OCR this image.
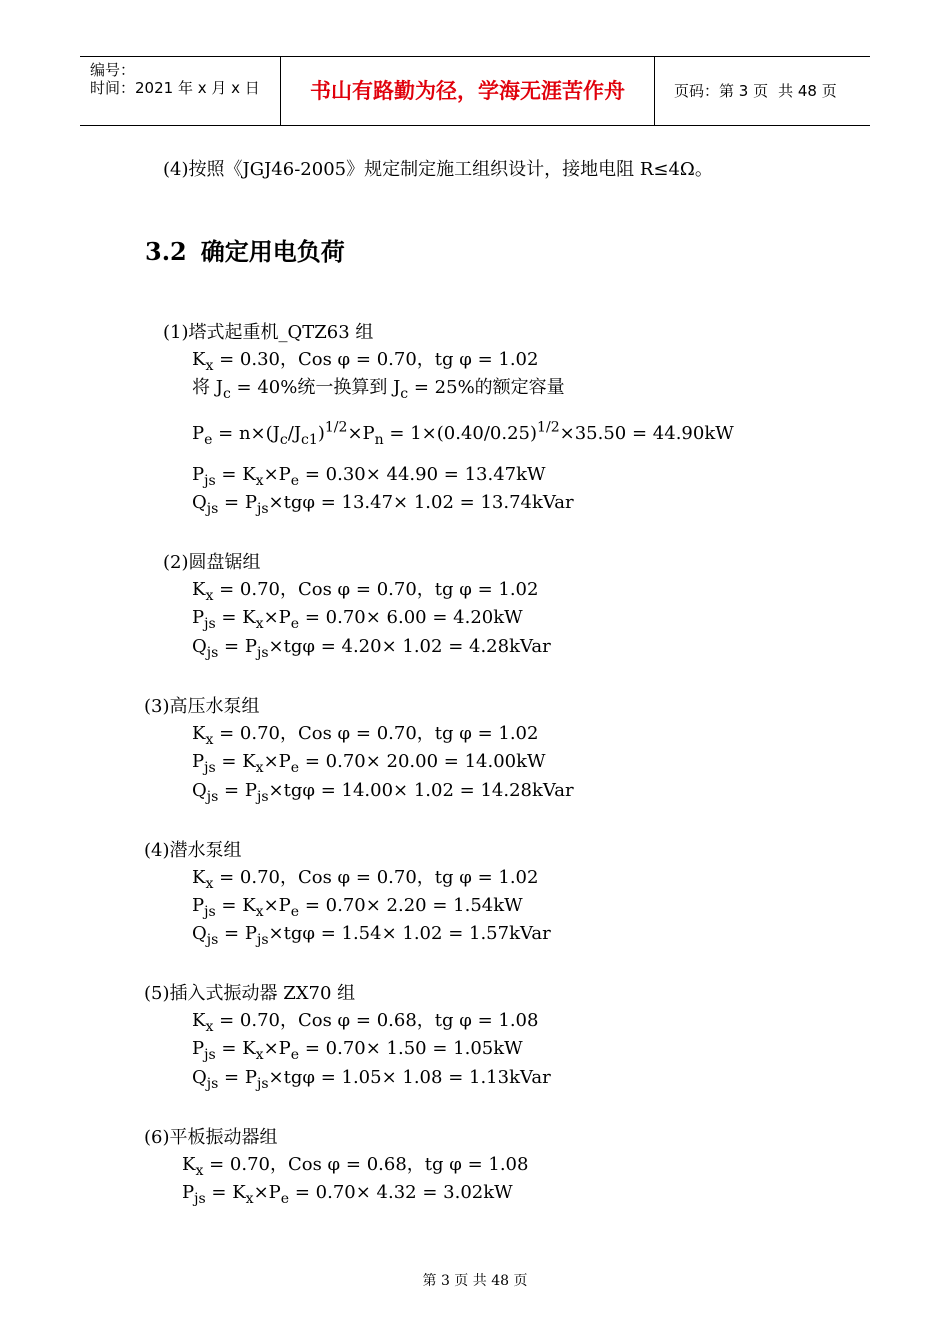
编号：
时间：2021 年 x 月 x 日	书山有路勤为径，学海无涯苦作舟	页码：第 3 页 共 48 页
(4)按照《JGJ46-2005》规定制定施工组织设计，接地电阻 R≤4Ω。
3.2 确定用电负荷
(1)塔式起重机_QTZ63 组
$K_x = 0.30$，Cos φ = 0.70，tg φ = 1.02
将 $J_c = 40\%$统一换算到 $J_c = 25\%$的额定容量
$P_e = n\times(J_c/J_{c1})^{1/2}\times P_n = 1\times(0.40/0.25)^{1/2}\times 35.50 = 44.90kW$
$P_{js} = K_x\times P_e = 0.30\times 44.90 = 13.47kW$
$Q_{js} = P_{js}\times tg\varphi = 13.47\times 1.02$ = 13.74kVar
(2)圆盘锯组
$K_x = 0.70$，Cos φ = 0.70，tg φ = 1.02
$P_{js} = K_x\times P_e = 0.70\times 6.00 = 4.20kW$
$Q_{js} = P_{js}\times tg\varphi = 4.20\times 1.02$ = 4.28kVar
(3)高压水泵组
$K_x = 0.70$，Cos φ = 0.70，tg φ = 1.02
$P_{js} = K_x\times P_e = 0.70\times 20.00 = 14.00kW$
$Q_{js} = P_{js}\times tg\varphi = 14.00\times 1.02$ = 14.28kVar
(4)潜水泵组
$K_x = 0.70$，Cos φ = 0.70，tg φ = 1.02
$P_{js} = K_x\times P_e = 0.70\times 2.20 = 1.54kW$
$Q_{js} = P_{js}\times tg\varphi = 1.54\times 1.02$ = 1.57kVar
(5)插入式振动器 ZX70 组
$K_x = 0.70$，Cos φ = 0.68，tg φ = 1.08
$P_{js} = K_x\times P_e = 0.70\times 1.50 = 1.05kW$
$Q_{js} = P_{js}\times tg\varphi = 1.05\times 1.08$ = 1.13kVar
(6)平板振动器组
$K_x = 0.70$，Cos φ = 0.68，tg φ = 1.08
$P_{js} = K_x\times P_e = 0.70\times 4.32 = 3.02kW$
第 3 页 共 48 页
